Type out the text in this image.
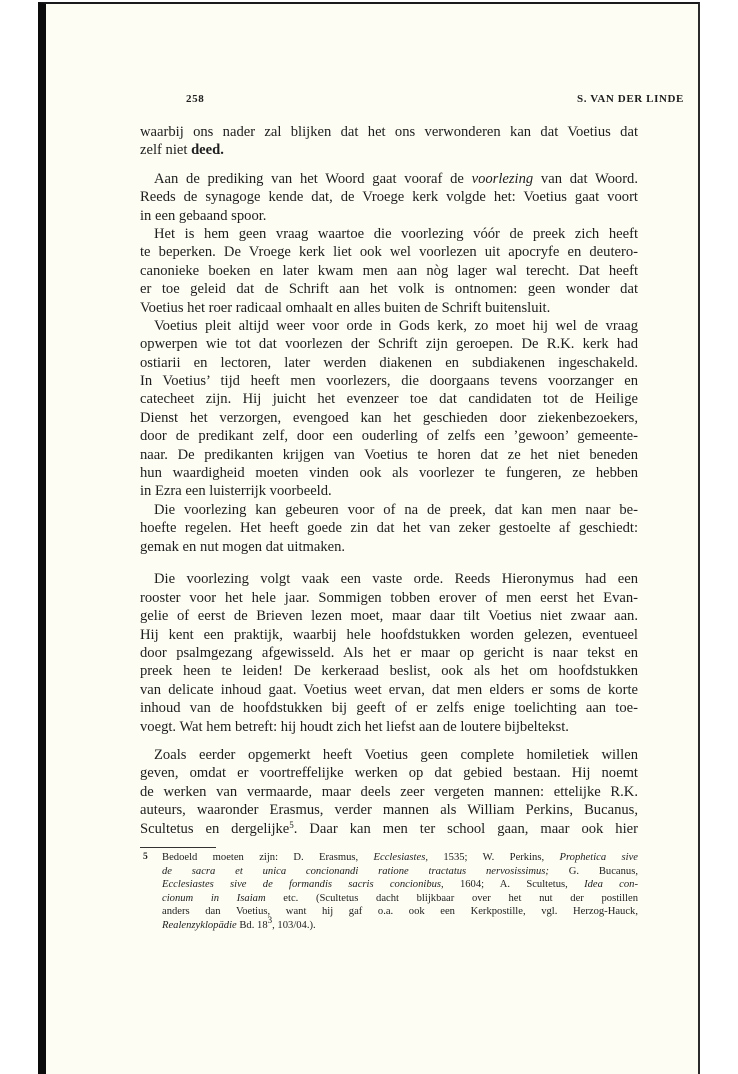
258	S. VAN DER LINDE
waarbij ons nader zal blijken dat het ons verwonderen kan dat Voetius dat
zelf niet deed.
Aan de prediking van het Woord gaat vooraf de voorlezing van dat Woord.
Reeds de synagoge kende dat, de Vroege kerk volgde het: Voetius gaat voort
in een gebaand spoor.
Het is hem geen vraag waartoe die voorlezing vóór de preek zich heeft
te beperken. De Vroege kerk liet ook wel voorlezen uit apocryfe en deutero-
canonieke boeken en later kwam men aan nòg lager wal terecht. Dat heeft
er toe geleid dat de Schrift aan het volk is ontnomen: geen wonder dat
Voetius het roer radicaal omhaalt en alles buiten de Schrift buitensluit.
Voetius pleit altijd weer voor orde in Gods kerk, zo moet hij wel de vraag
opwerpen wie tot dat voorlezen der Schrift zijn geroepen. De R.K. kerk had
ostiarii en lectoren, later werden diakenen en subdiakenen ingeschakeld.
In Voetius’ tijd heeft men voorlezers, die doorgaans tevens voorzanger en
catecheet zijn. Hij juicht het evenzeer toe dat candidaten tot de Heilige
Dienst het verzorgen, evengoed kan het geschieden door ziekenbezoekers,
door de predikant zelf, door een ouderling of zelfs een ’gewoon’ gemeente-
naar. De predikanten krijgen van Voetius te horen dat ze het niet beneden
hun waardigheid moeten vinden ook als voorlezer te fungeren, ze hebben
in Ezra een luisterrijk voorbeeld.
Die voorlezing kan gebeuren voor of na de preek, dat kan men naar be-
hoefte regelen. Het heeft goede zin dat het van zeker gestoelte af geschiedt:
gemak en nut mogen dat uitmaken.
Die voorlezing volgt vaak een vaste orde. Reeds Hieronymus had een
rooster voor het hele jaar. Sommigen tobben erover of men eerst het Evan-
gelie of eerst de Brieven lezen moet, maar daar tilt Voetius niet zwaar aan.
Hij kent een praktijk, waarbij hele hoofdstukken worden gelezen, eventueel
door psalmgezang afgewisseld. Als het er maar op gericht is naar tekst en
preek heen te leiden! De kerkeraad beslist, ook als het om hoofdstukken
van delicate inhoud gaat. Voetius weet ervan, dat men elders er soms de korte
inhoud van de hoofdstukken bij geeft of er zelfs enige toelichting aan toe-
voegt. Wat hem betreft: hij houdt zich het liefst aan de loutere bijbeltekst.
Zoals eerder opgemerkt heeft Voetius geen complete homiletiek willen
geven, omdat er voortreffelijke werken op dat gebied bestaan. Hij noemt
de werken van vermaarde, maar deels zeer vergeten mannen: ettelijke R.K.
auteurs, waaronder Erasmus, verder mannen als William Perkins, Bucanus,
Scultetus en dergelijke$^5$. Daar kan men ter school gaan, maar ook hier
5 Bedoeld moeten zijn: D. Erasmus, Ecclesiastes, 1535; W. Perkins, Prophetica sive
de sacra et unica concionandi ratione tractatus nervosissimus; G. Bucanus,
Ecclesiastes sive de formandis sacris concionibus, 1604; A. Scultetus, Idea con-
cionum in Isaiam etc. (Scultetus dacht blijkbaar over het nut der postillen
anders dan Voetius, want hij gaf o.a. ook een Kerkpostille, vgl. Herzog-Hauck,
Realenzyklopädie Bd. 18$^3$, 103/04.).
